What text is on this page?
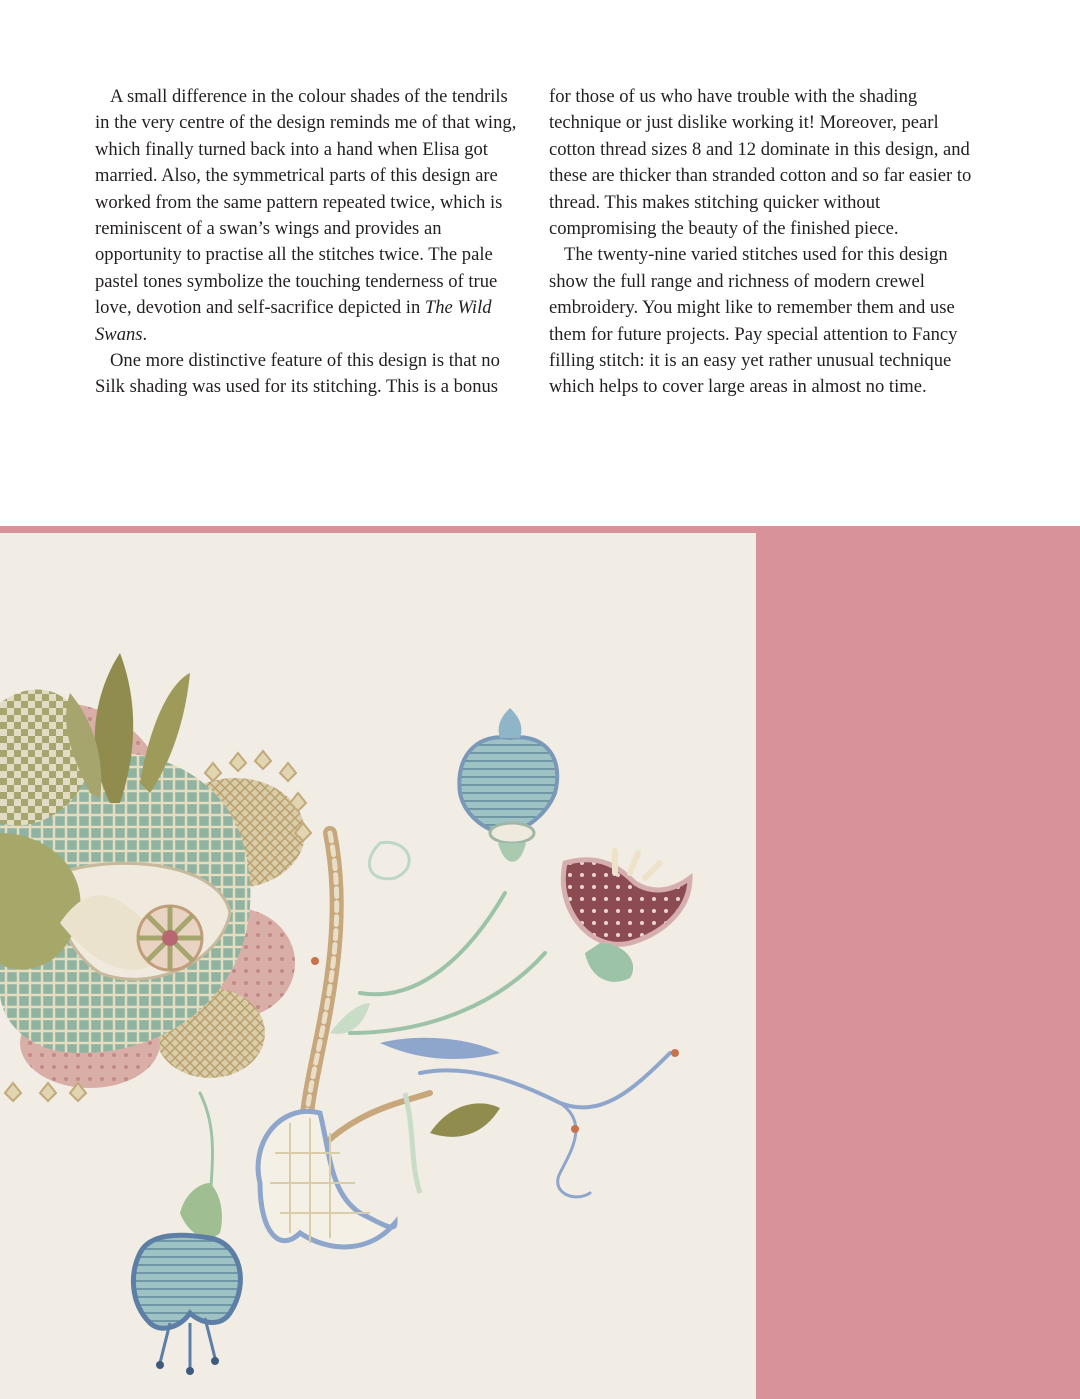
A small difference in the colour shades of the tendrils in the very centre of the design reminds me of that wing, which finally turned back into a hand when Elisa got married. Also, the symmetrical parts of this design are worked from the same pattern repeated twice, which is reminiscent of a swan’s wings and provides an opportunity to practise all the stitches twice. The pale pastel tones symbolize the touching tenderness of true love, devotion and self-sacrifice depicted in The Wild Swans.

One more distinctive feature of this design is that no Silk shading was used for its stitching. This is a bonus

for those of us who have trouble with the shading technique or just dislike working it! Moreover, pearl cotton thread sizes 8 and 12 dominate in this design, and these are thicker than stranded cotton and so far easier to thread. This makes stitching quicker without compromising the beauty of the finished piece.

The twenty-nine varied stitches used for this design show the full range and richness of modern crewel embroidery. You might like to remember them and use them for future projects. Pay special attention to Fancy filling stitch: it is an easy yet rather unusual technique which helps to cover large areas in almost no time.
